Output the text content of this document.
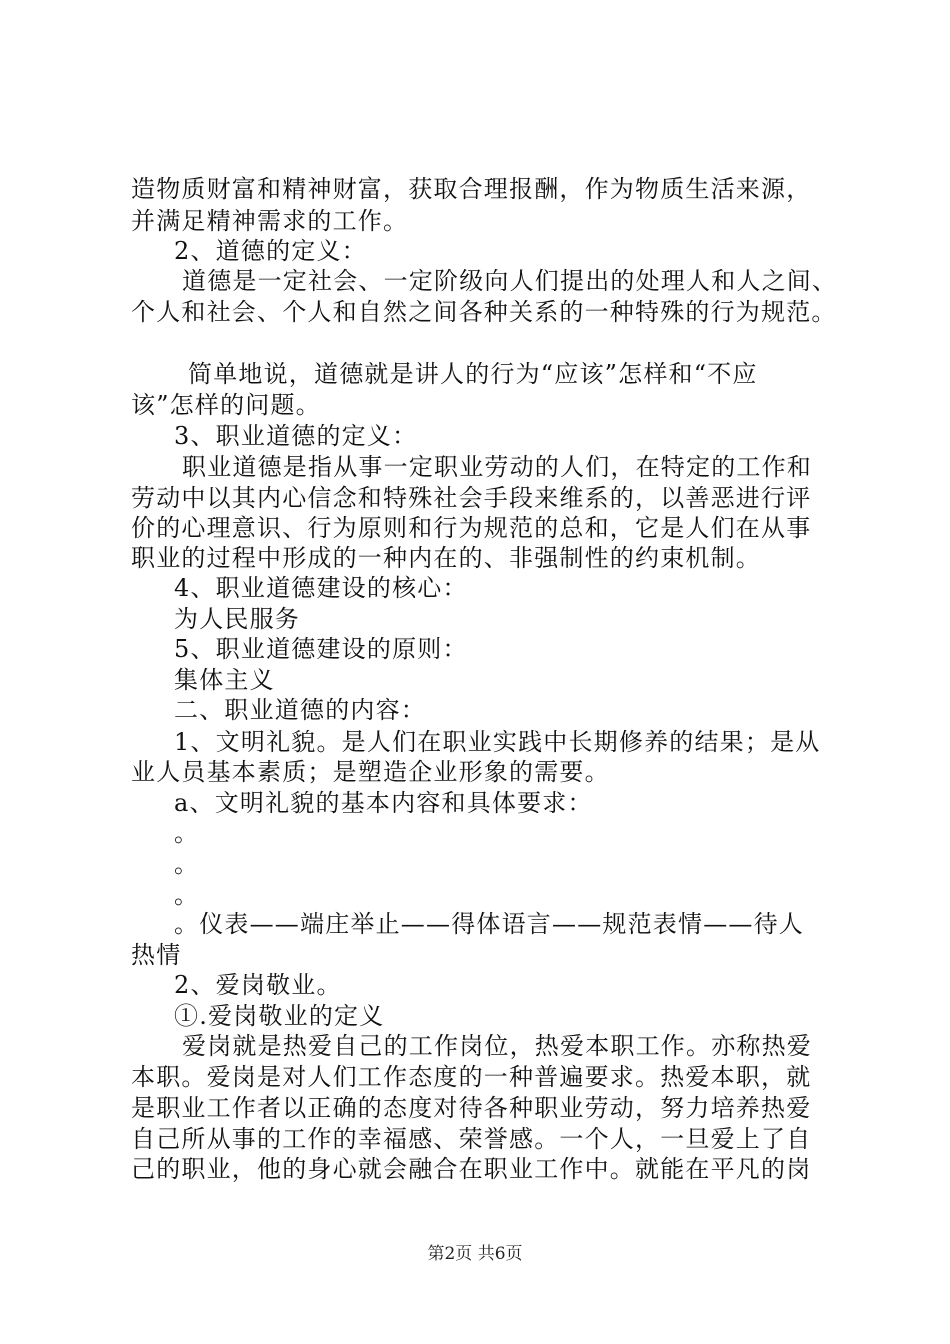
造物质财富和精神财富，获取合理报酬，作为物质生活来源，
并满足精神需求的工作。
2、道德的定义：
道德是一定社会、一定阶级向人们提出的处理人和人之间、
个人和社会、个人和自然之间各种关系的一种特殊的行为规范。
简单地说，道德就是讲人的行为“应该”怎样和“不应
该”怎样的问题。
3、职业道德的定义：
职业道德是指从事一定职业劳动的人们，在特定的工作和
劳动中以其内心信念和特殊社会手段来维系的，以善恶进行评
价的心理意识、行为原则和行为规范的总和，它是人们在从事
职业的过程中形成的一种内在的、非强制性的约束机制。
4、职业道德建设的核心：
为人民服务
5、职业道德建设的原则：
集体主义
二、职业道德的内容：
1、文明礼貌。是人们在职业实践中长期修养的结果；是从
业人员基本素质；是塑造企业形象的需要。
a、文明礼貌的基本内容和具体要求：
。
。
。
。仪表——端庄举止——得体语言——规范表情——待人
热情
2、爱岗敬业。
①.爱岗敬业的定义
爱岗就是热爱自己的工作岗位，热爱本职工作。亦称热爱
本职。爱岗是对人们工作态度的一种普遍要求。热爱本职，就
是职业工作者以正确的态度对待各种职业劳动，努力培养热爱
自己所从事的工作的幸福感、荣誉感。一个人，一旦爱上了自
己的职业，他的身心就会融合在职业工作中。就能在平凡的岗
第2页 共6页
